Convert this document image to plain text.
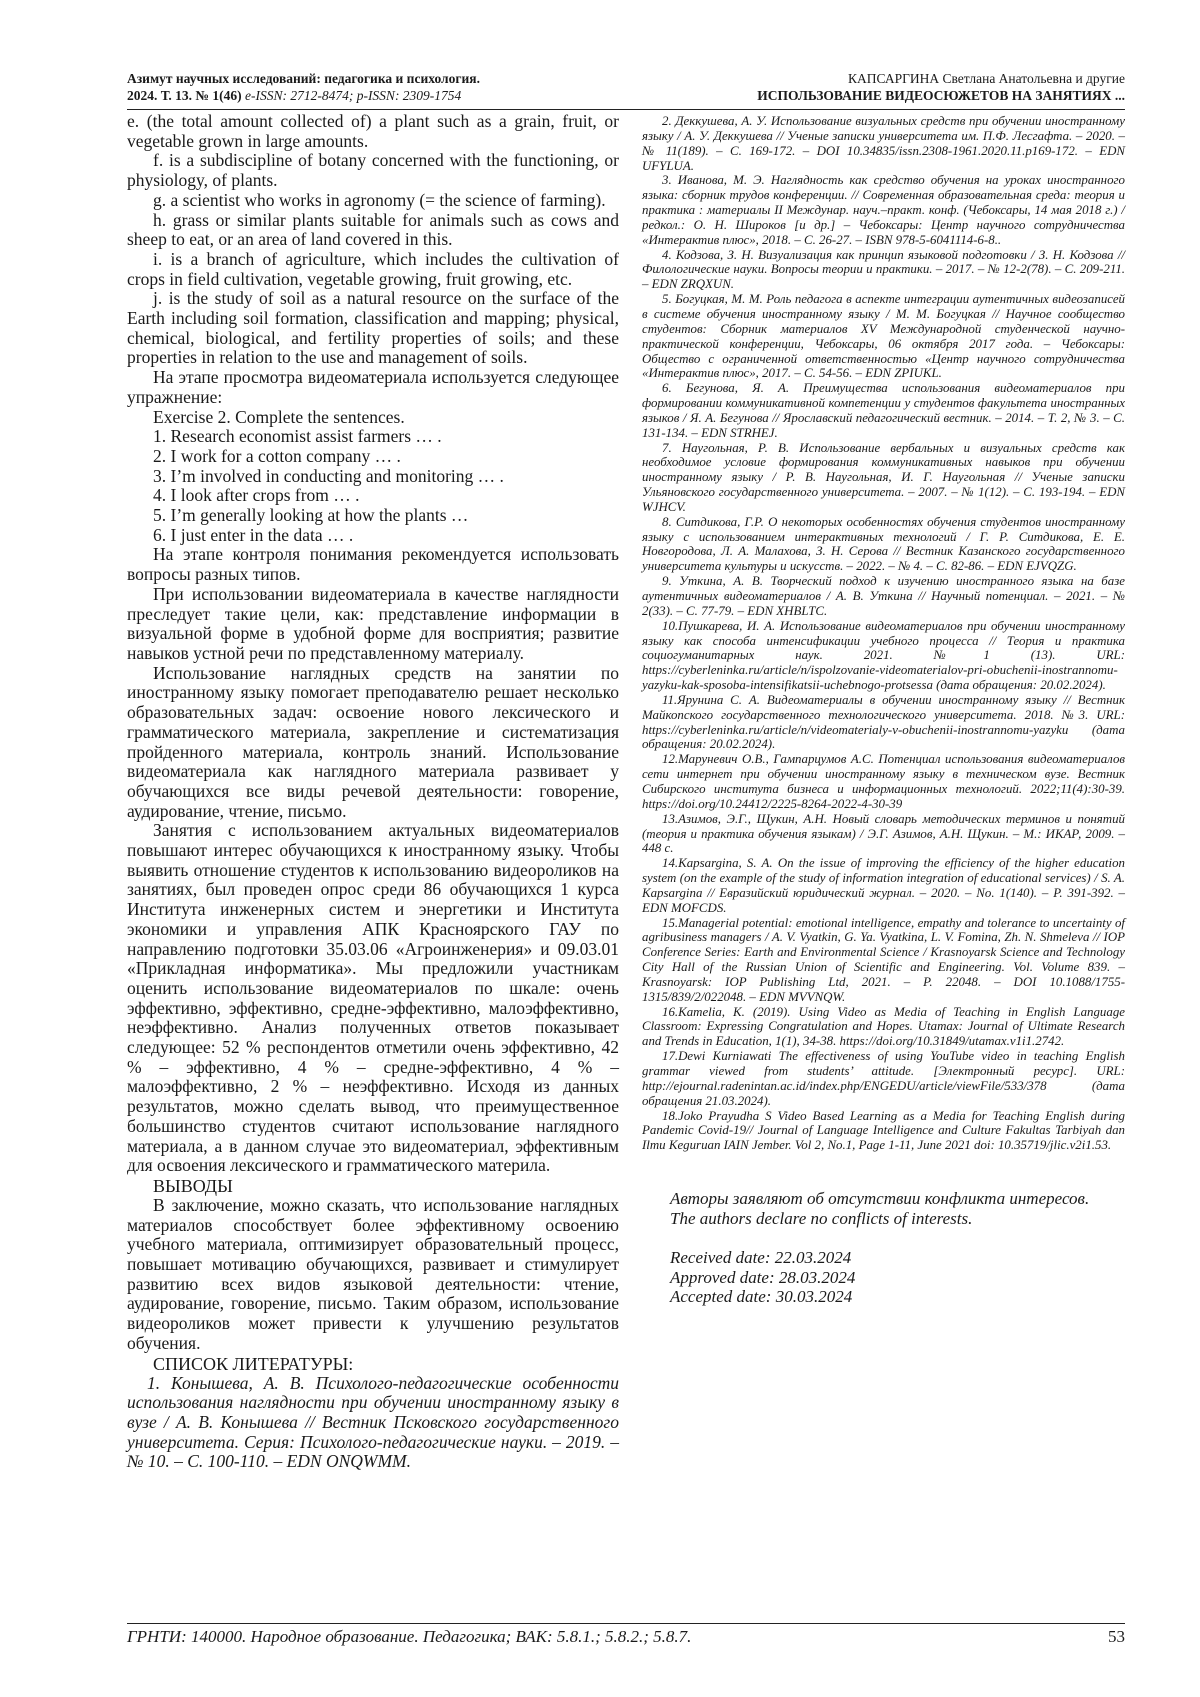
Азимут научных исследований: педагогика и психология.
2024. Т. 13. № 1(46) e-ISSN: 2712-8474; p-ISSN: 2309-1754
КАПСАРГИНА Светлана Анатольевна и другие
ИСПОЛЬЗОВАНИЕ ВИДЕОСЮЖЕТОВ НА ЗАНЯТИЯХ ...

e. (the total amount collected of) a plant such as a grain, fruit, or vegetable grown in large amounts.

f. is a subdiscipline of botany concerned with the functioning, or physiology, of plants.

g. a scientist who works in agronomy (= the science of farming).

h. grass or similar plants suitable for animals such as cows and sheep to eat, or an area of land covered in this.

i. is a branch of agriculture, which includes the cultivation of crops in field cultivation, vegetable growing, fruit growing, etc.

j. is the study of soil as a natural resource on the surface of the Earth including soil formation, classification and mapping; physical, chemical, biological, and fertility properties of soils; and these properties in relation to the use and management of soils.

На этапе просмотра видеоматериала используется следующее упражнение:

Exercise 2. Complete the sentences.

1. Research economist assist farmers … .

2. I work for a cotton company … .

3. I’m involved in conducting and monitoring … .

4. I look after crops from … .

5. I’m generally looking at how the plants …

6. I just enter in the data … .

На этапе контроля понимания рекомендуется использовать вопросы разных типов.

При использовании видеоматериала в качестве наглядности преследует такие цели, как: представление информации в визуальной форме в удобной форме для восприятия; развитие навыков устной речи по представленному материалу.

Использование наглядных средств на занятии по иностранному языку помогает преподавателю решает несколько образовательных задач: освоение нового лексического и грамматического материала, закрепление и систематизация пройденного материала, контроль знаний. Использование видеоматериала как наглядного материала развивает у обучающихся все виды речевой деятельности: говорение, аудирование, чтение, письмо.

Занятия с использованием актуальных видеоматериалов повышают интерес обучающихся к иностранному языку. Чтобы выявить отношение студентов к использованию видеороликов на занятиях, был проведен опрос среди 86 обучающихся 1 курса Института инженерных систем и энергетики и Института экономики и управления АПК Красноярского ГАУ по направлению подготовки 35.03.06 «Агроинженерия» и 09.03.01 «Прикладная информатика». Мы предложили участникам оценить использование видеоматериалов по шкале: очень эффективно, эффективно, средне-эффективно, малоэффективно, неэффективно. Анализ полученных ответов показывает следующее: 52 % респондентов отметили очень эффективно, 42 % – эффективно, 4 % – средне-эффективно, 4 % – малоэффективно, 2 % – неэффективно. Исходя из данных результатов, можно сделать вывод, что преимущественное большинство студентов считают использование наглядного материала, а в данном случае это видеоматериал, эффективным для освоения лексического и грамматического материла.

ВЫВОДЫ

В заключение, можно сказать, что использование наглядных материалов способствует более эффективному освоению учебного материала, оптимизирует образовательный процесс, повышает мотивацию обучающихся, развивает и стимулирует развитию всех видов языковой деятельности: чтение, аудирование, говорение, письмо. Таким образом, использование видеороликов может привести к улучшению результатов обучения.

СПИСОК ЛИТЕРАТУРЫ:

1. Конышева, А. В. Психолого-педагогические особенности использования наглядности при обучении иностранному языку в вузе / А. В. Конышева // Вестник Псковского государственного университета. Серия: Психолого-педагогические науки. – 2019. – № 10. – С. 100-110. – EDN ONQWMM.

2. Деккушева, А. У. Использование визуальных средств при обучении иностранному языку / А. У. Деккушева // Ученые записки университета им. П.Ф. Лесгафта. – 2020. – № 11(189). – С. 169-172. – DOI 10.34835/issn.2308-1961.2020.11.p169-172. – EDN UFYLUA.

3. Иванова, М. Э. Наглядность как средство обучения на уроках иностранного языка: сборник трудов конференции. // Современная образовательная среда: теория и практика : материалы II Междунар. науч.–практ. конф. (Чебоксары, 14 мая 2018 г.) / редкол.: О. Н. Широков [и др.] – Чебоксары: Центр научного сотрудничества «Интерактив плюс», 2018. – С. 26-27. – ISBN 978-5-6041114-6-8..

4. Кодзова, З. Н. Визуализация как принцип языковой подготовки / З. Н. Кодзова // Филологические науки. Вопросы теории и практики. – 2017. – № 12-2(78). – С. 209-211. – EDN ZRQXUN.

5. Богуцкая, М. М. Роль педагога в аспекте интеграции аутентичных видеозаписей в системе обучения иностранному языку / М. М. Богуцкая // Научное сообщество студентов: Сборник материалов XV Международной студенческой научно-практической конференции, Чебоксары, 06 октября 2017 года. – Чебоксары: Общество с ограниченной ответственностью «Центр научного сотрудничества «Интерактив плюс», 2017. – С. 54-56. – EDN ZPIUKL.

6. Бегунова, Я. А. Преимущества использования видеоматериалов при формировании коммуникативной компетенции у студентов факультета иностранных языков / Я. А. Бегунова // Ярославский педагогический вестник. – 2014. – Т. 2, № 3. – С. 131-134. – EDN STRHEJ.

7. Наугольная, Р. В. Использование вербальных и визуальных средств как необходимое условие формирования коммуникативных навыков при обучении иностранному языку / Р. В. Наугольная, И. Г. Наугольная // Ученые записки Ульяновского государственного университета. – 2007. – № 1(12). – С. 193-194. – EDN WJHCV.

8. Ситдикова, Г.Р. О некоторых особенностях обучения студентов иностранному языку с использованием интерактивных технологий / Г. Р. Ситдикова, Е. Е. Новгородова, Л. А. Малахова, З. Н. Серова // Вестник Казанского государственного университета культуры и искусств. – 2022. – № 4. – С. 82-86. – EDN EJVQZG.

9. Уткина, А. В. Творческий подход к изучению иностранного языка на базе аутентичных видеоматериалов / А. В. Уткина // Научный потенциал. – 2021. – № 2(33). – С. 77-79. – EDN XHBLTC.

10.Пушкарева, И. А. Использование видеоматериалов при обучении иностранному языку как способа интенсификации учебного процесса // Теория и практика социогуманитарных наук. 2021. №1 (13). URL: https://cyberleninka.ru/article/n/ispolzovanie-videomaterialov-pri-obuchenii-inostrannomu-yazyku-kak-sposoba-intensifikatsii-uchebnogo-protsessa (дата обращения: 20.02.2024).

11.Ярунина С. А. Видеоматериалы в обучении иностранному языку // Вестник Майкопского государственного технологического университета. 2018. №3. URL: https://cyberleninka.ru/article/n/videomaterialy-v-obuchenii-inostrannomu-yazyku (дата обращения: 20.02.2024).

12.Маруневич О.В., Гампарцумов А.С. Потенциал использования видеоматериалов сети интернет при обучении иностранному языку в техническом вузе. Вестник Сибирского института бизнеса и информационных технологий. 2022;11(4):30-39. https://doi.org/10.24412/2225-8264-2022-4-30-39

13.Азимов, Э.Г., Щукин, А.Н. Новый словарь методических терминов и понятий (теория и практика обучения языкам) / Э.Г. Азимов, А.Н. Щукин. – М.: ИКАР, 2009. – 448 с.

14.Kapsargina, S. A. On the issue of improving the efficiency of the higher education system (on the example of the study of information integration of educational services) / S. A. Kapsargina // Евразийский юридический журнал. – 2020. – No. 1(140). – P. 391-392. – EDN MOFCDS.

15.Managerial potential: emotional intelligence, empathy and tolerance to uncertainty of agribusiness managers / A. V. Vyatkin, G. Ya. Vyatkina, L. V. Fomina, Zh. N. Shmeleva // IOP Conference Series: Earth and Environmental Science / Krasnoyarsk Science and Technology City Hall of the Russian Union of Scientific and Engineering. Vol. Volume 839. – Krasnoyarsk: IOP Publishing Ltd, 2021. – P. 22048. – DOI 10.1088/1755-1315/839/2/022048. – EDN MVVNQW.

16.Kamelia, K. (2019). Using Video as Media of Teaching in English Language Classroom: Expressing Congratulation and Hopes. Utamax: Journal of Ultimate Research and Trends in Education, 1(1), 34-38. https://doi.org/10.31849/utamax.v1i1.2742.

17.Dewi Kurniawati The effectiveness of using YouTube video in teaching English grammar viewed from students’ attitude. [Электронный ресурс]. URL: http://ejournal.radenintan.ac.id/index.php/ENGEDU/article/viewFile/533/378 (дата обращения 21.03.2024).

18.Joko Prayudha S Video Based Learning as a Media for Teaching English during Pandemic Covid-19// Journal of Language Intelligence and Culture Fakultas Tarbiyah dan Ilmu Keguruan IAIN Jember. Vol 2, No.1, Page 1-11, June 2021 doi: 10.35719/jlic.v2i1.53.

Авторы заявляют об отсутствии конфликта интересов.

The authors declare no conflicts of interests.

Received date: 22.03.2024
Approved date: 28.03.2024
Accepted date: 30.03.2024
ГРНТИ: 140000. Народное образование. Педагогика; ВАК: 5.8.1.; 5.8.2.; 5.8.7.	53
